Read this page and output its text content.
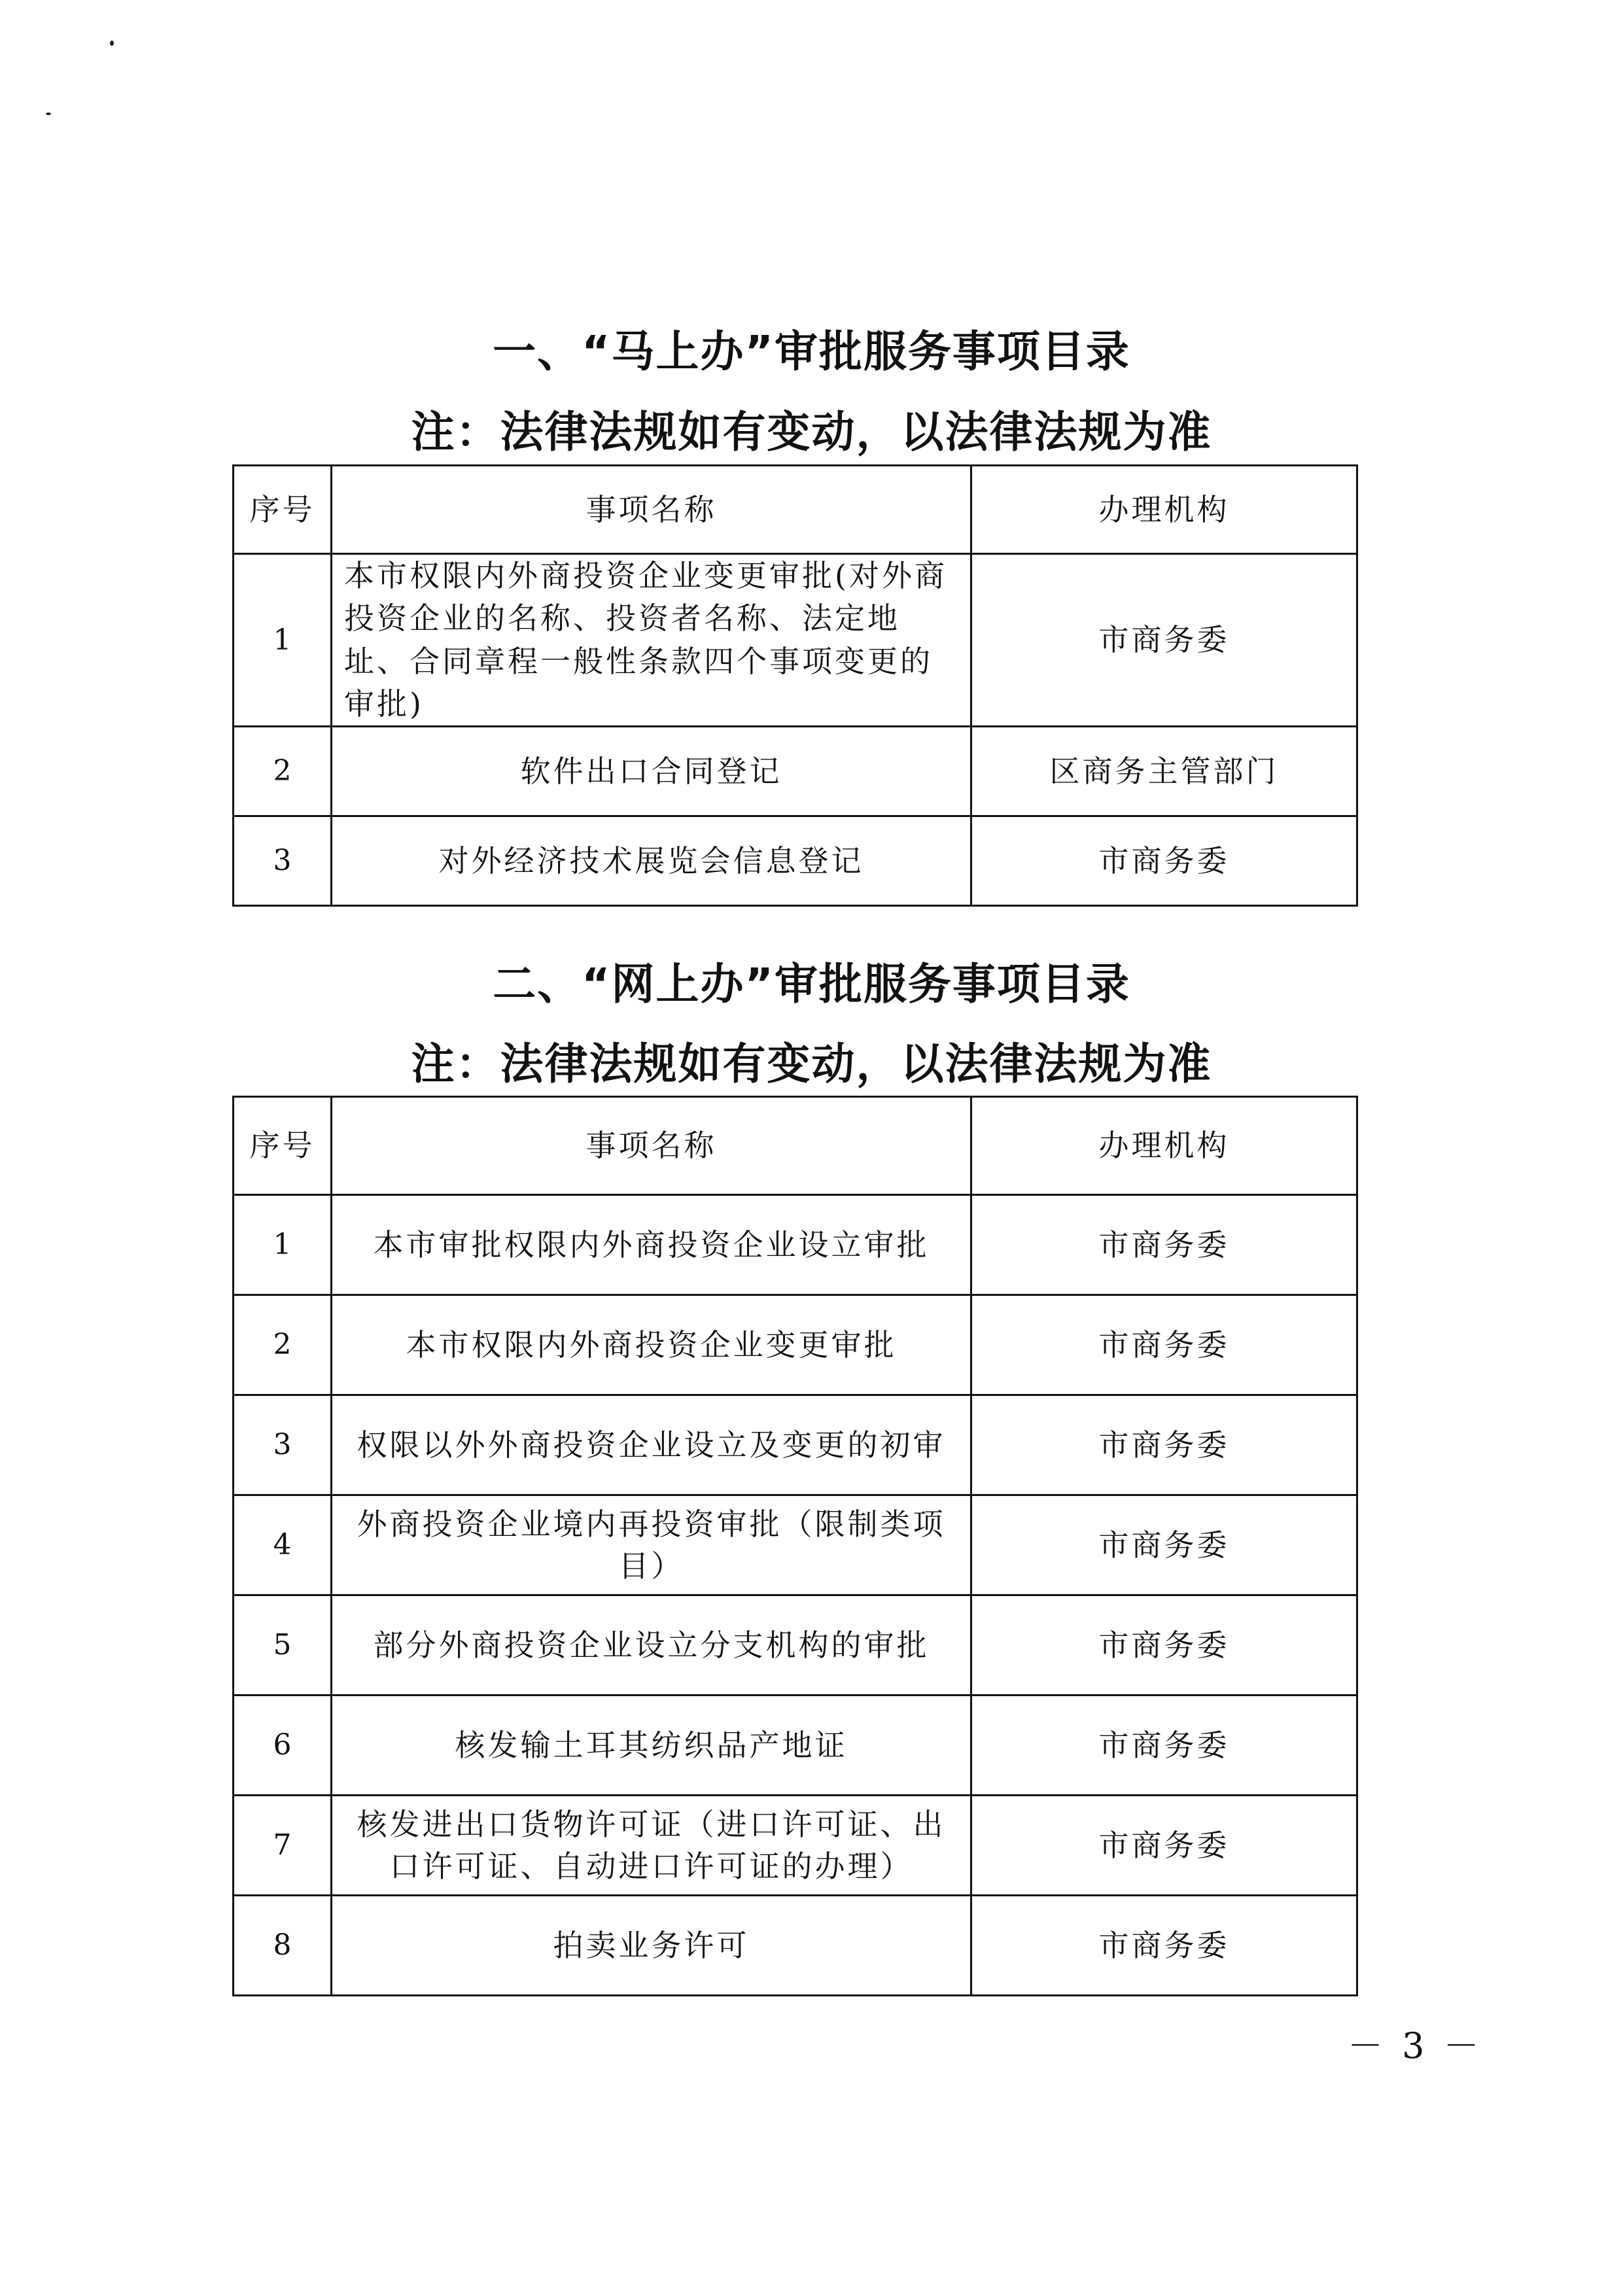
一、“马上办”审批服务事项目录
注：法律法规如有变动，以法律法规为准
序号	事项名称	办理机构
1	本市权限内外商投资企业变更审批(对外商投资企业的名称、投资者名称、法定地址、合同章程一般性条款四个事项变更的审批)	市商务委
2	软件出口合同登记	区商务主管部门
3	对外经济技术展览会信息登记	市商务委
二、“网上办”审批服务事项目录
注：法律法规如有变动，以法律法规为准
序号	事项名称	办理机构
1	本市审批权限内外商投资企业设立审批	市商务委
2	本市权限内外商投资企业变更审批	市商务委
3	权限以外外商投资企业设立及变更的初审	市商务委
4	外商投资企业境内再投资审批（限制类项目）	市商务委
5	部分外商投资企业设立分支机构的审批	市商务委
6	核发输土耳其纺织品产地证	市商务委
7	核发进出口货物许可证（进口许可证、出口许可证、自动进口许可证的办理）	市商务委
8	拍卖业务许可	市商务委
－ 3 －
